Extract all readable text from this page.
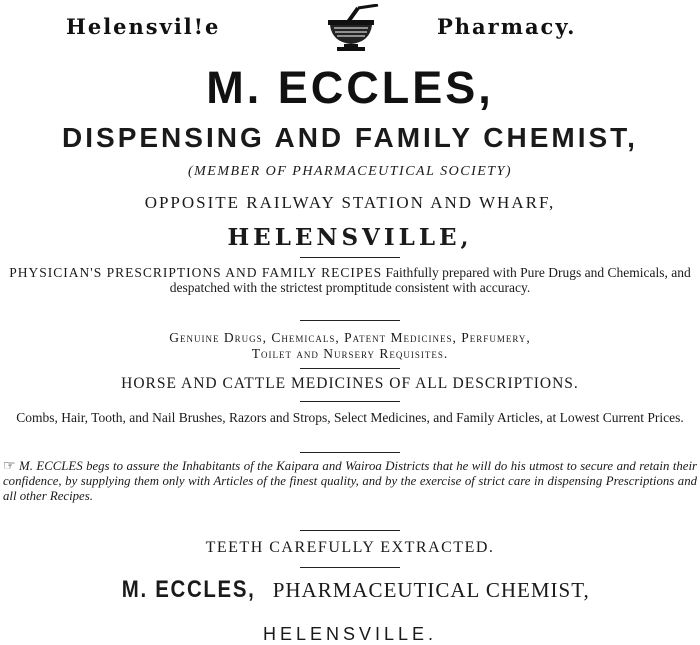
Helensvil!e	Pharmacy.
M. ECCLES,
DISPENSING AND FAMILY CHEMIST,
(MEMBER OF PHARMACEUTICAL SOCIETY)
OPPOSITE RAILWAY STATION AND WHARF,
HELENSVILLE,
PHYSICIAN'S PRESCRIPTIONS AND FAMILY RECIPES Faithfully prepared with Pure Drugs and Chemicals, and despatched with the strictest promptitude consistent with accuracy.
Genuine Drugs, Chemicals, Patent Medicines, Perfumery,
Toilet and Nursery Requisites.
HORSE AND CATTLE MEDICINES OF ALL DESCRIPTIONS.
Combs, Hair, Tooth, and Nail Brushes, Razors and Strops, Select Medicines, and Family Articles, at Lowest Current Prices.
☞ M. ECCLES begs to assure the Inhabitants of the Kaipara and Wairoa Districts that he will do his utmost to secure and retain their confidence, by supplying them only with Articles of the finest quality, and by the exercise of strict care in dispensing Prescriptions and all other Recipes.
TEETH CAREFULLY EXTRACTED.
M. ECCLES, PHARMACEUTICAL CHEMIST,
HELENSVILLE.
